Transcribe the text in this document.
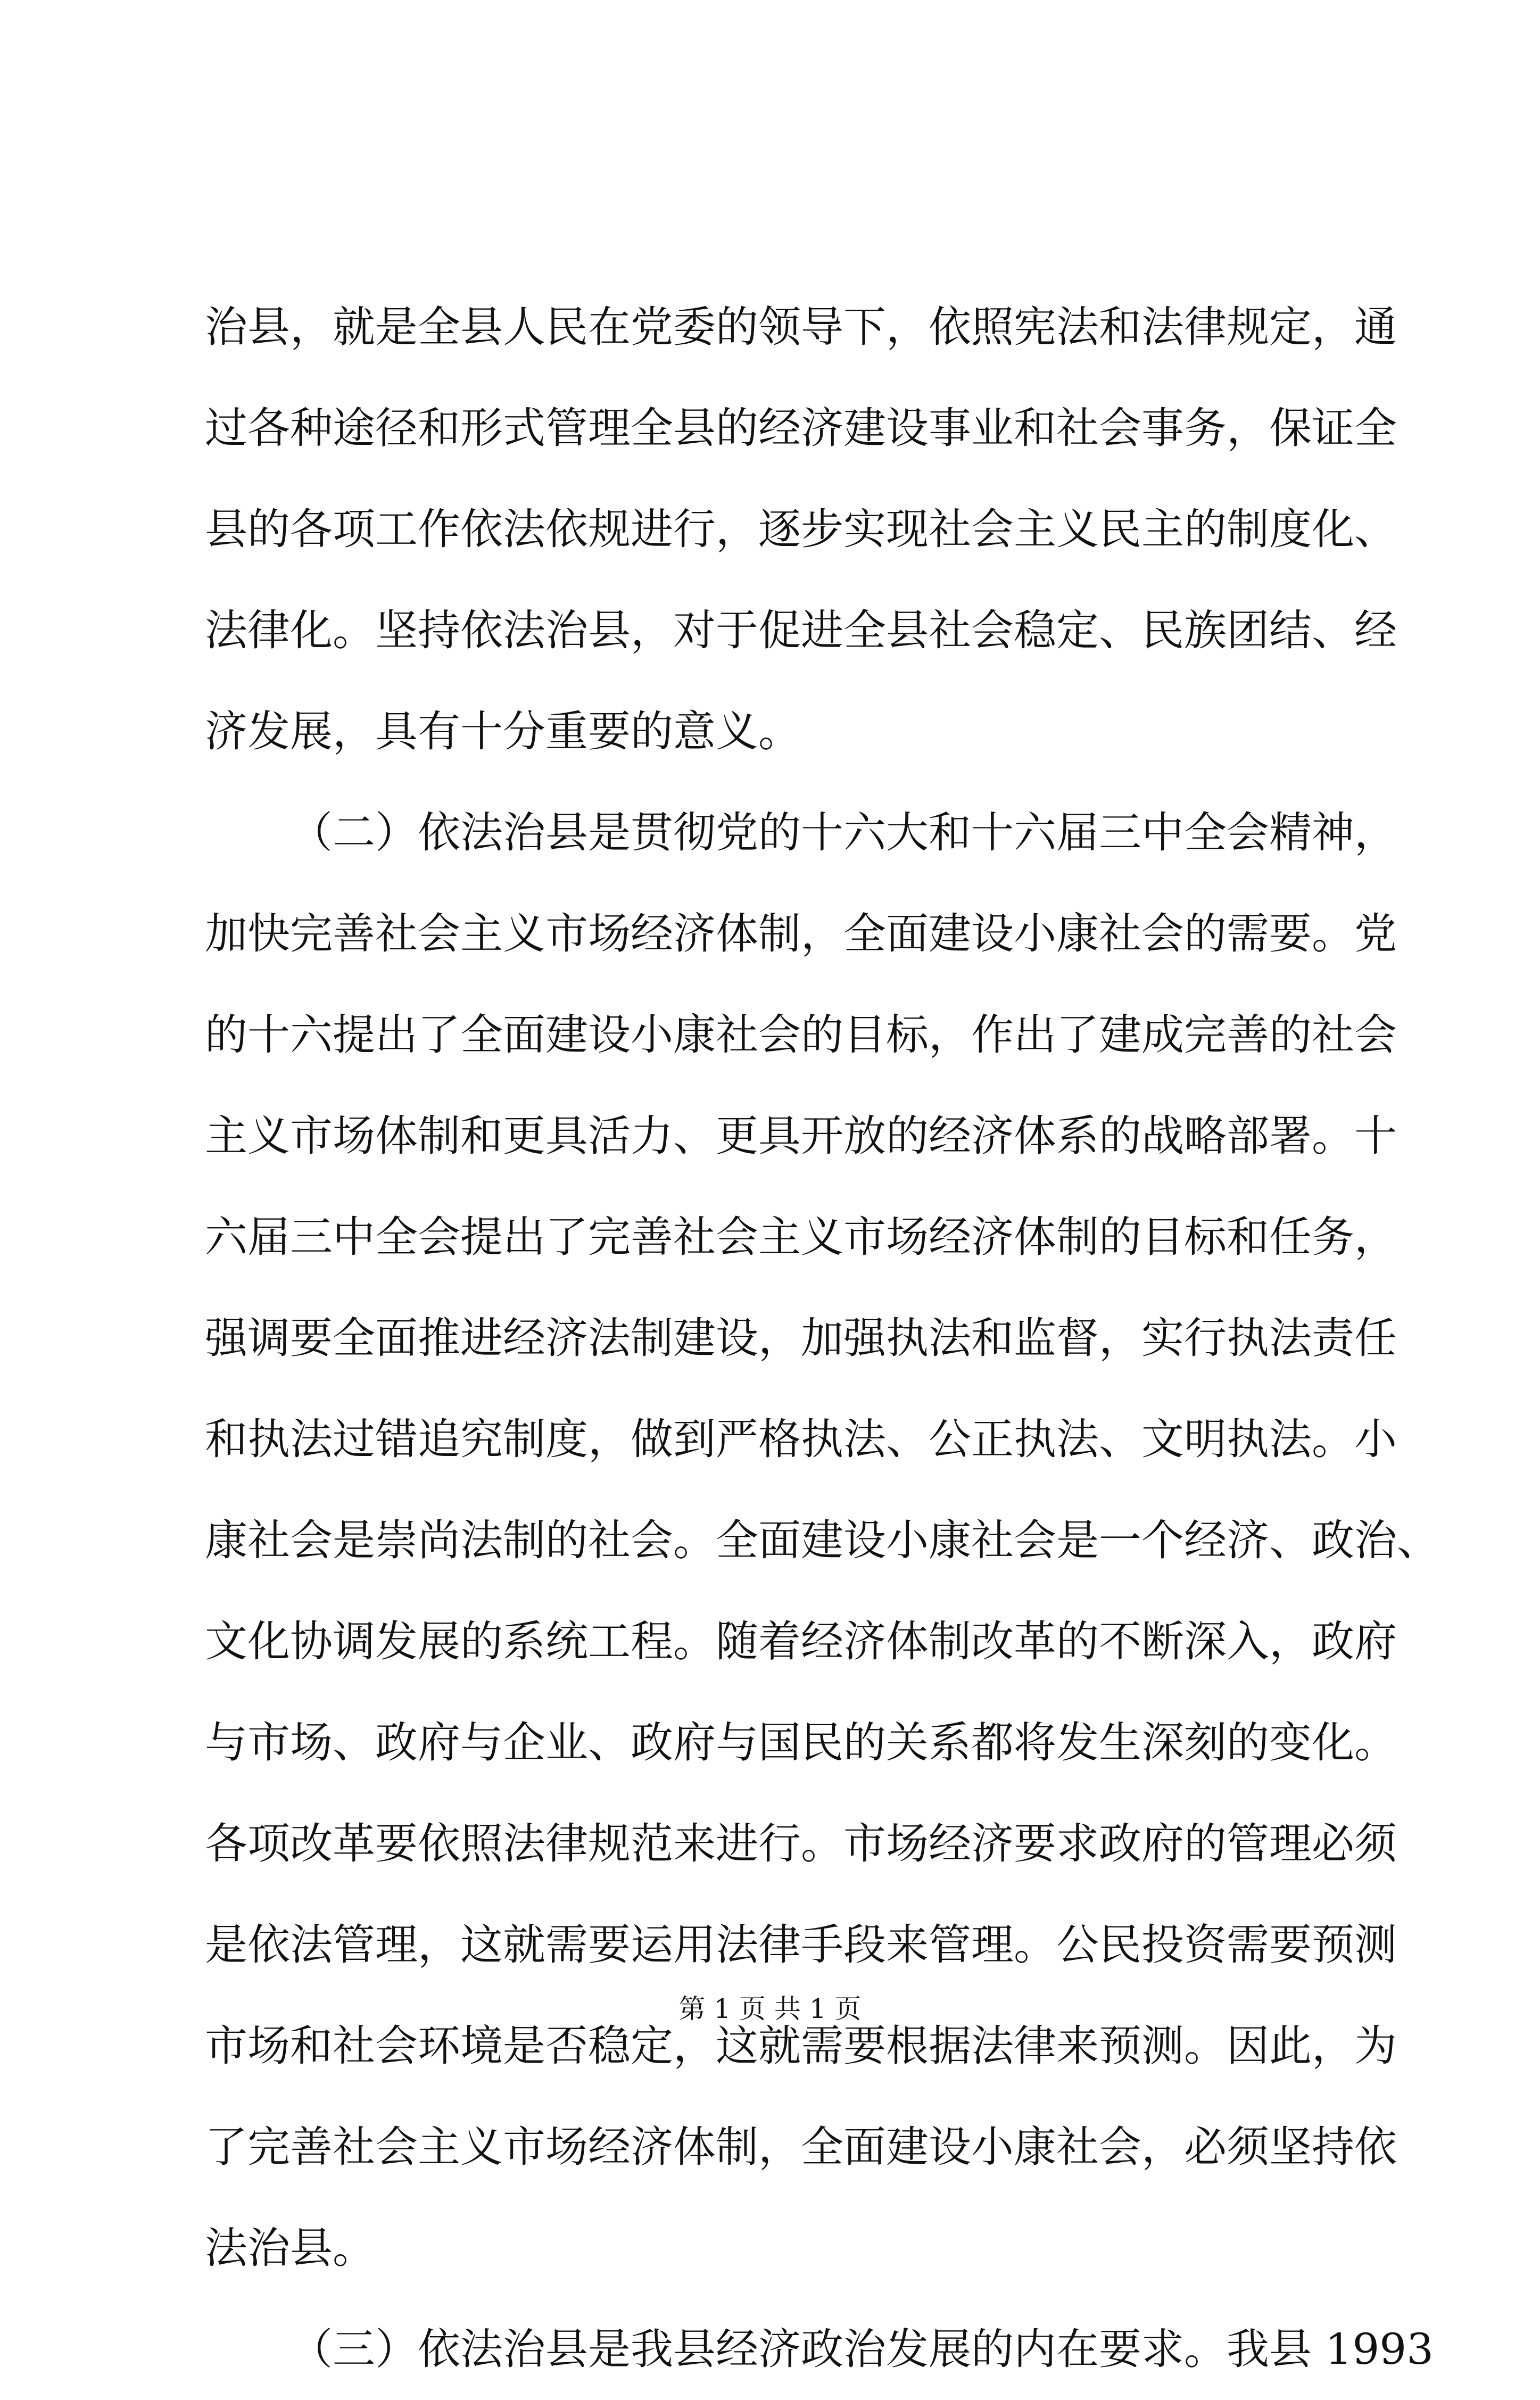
治县，就是全县人民在党委的领导下，依照宪法和法律规定，通
过各种途径和形式管理全县的经济建设事业和社会事务，保证全
县的各项工作依法依规进行，逐步实现社会主义民主的制度化、
法律化。坚持依法治县，对于促进全县社会稳定、民族团结、经
济发展，具有十分重要的意义。
（二）依法治县是贯彻党的十六大和十六届三中全会精神，
加快完善社会主义市场经济体制，全面建设小康社会的需要。党
的十六提出了全面建设小康社会的目标，作出了建成完善的社会
主义市场体制和更具活力、更具开放的经济体系的战略部署。十
六届三中全会提出了完善社会主义市场经济体制的目标和任务，
强调要全面推进经济法制建设，加强执法和监督，实行执法责任
和执法过错追究制度，做到严格执法、公正执法、文明执法。小
康社会是崇尚法制的社会。全面建设小康社会是一个经济、政治、
文化协调发展的系统工程。随着经济体制改革的不断深入，政府
与市场、政府与企业、政府与国民的关系都将发生深刻的变化。
各项改革要依照法律规范来进行。市场经济要求政府的管理必须
是依法管理，这就需要运用法律手段来管理。公民投资需要预测
市场和社会环境是否稳定，这就需要根据法律来预测。因此，为
了完善社会主义市场经济体制，全面建设小康社会，必须坚持依
法治县。
（三）依法治县是我县经济政治发展的内在要求。我县 1993
第 1 页 共 1 页
